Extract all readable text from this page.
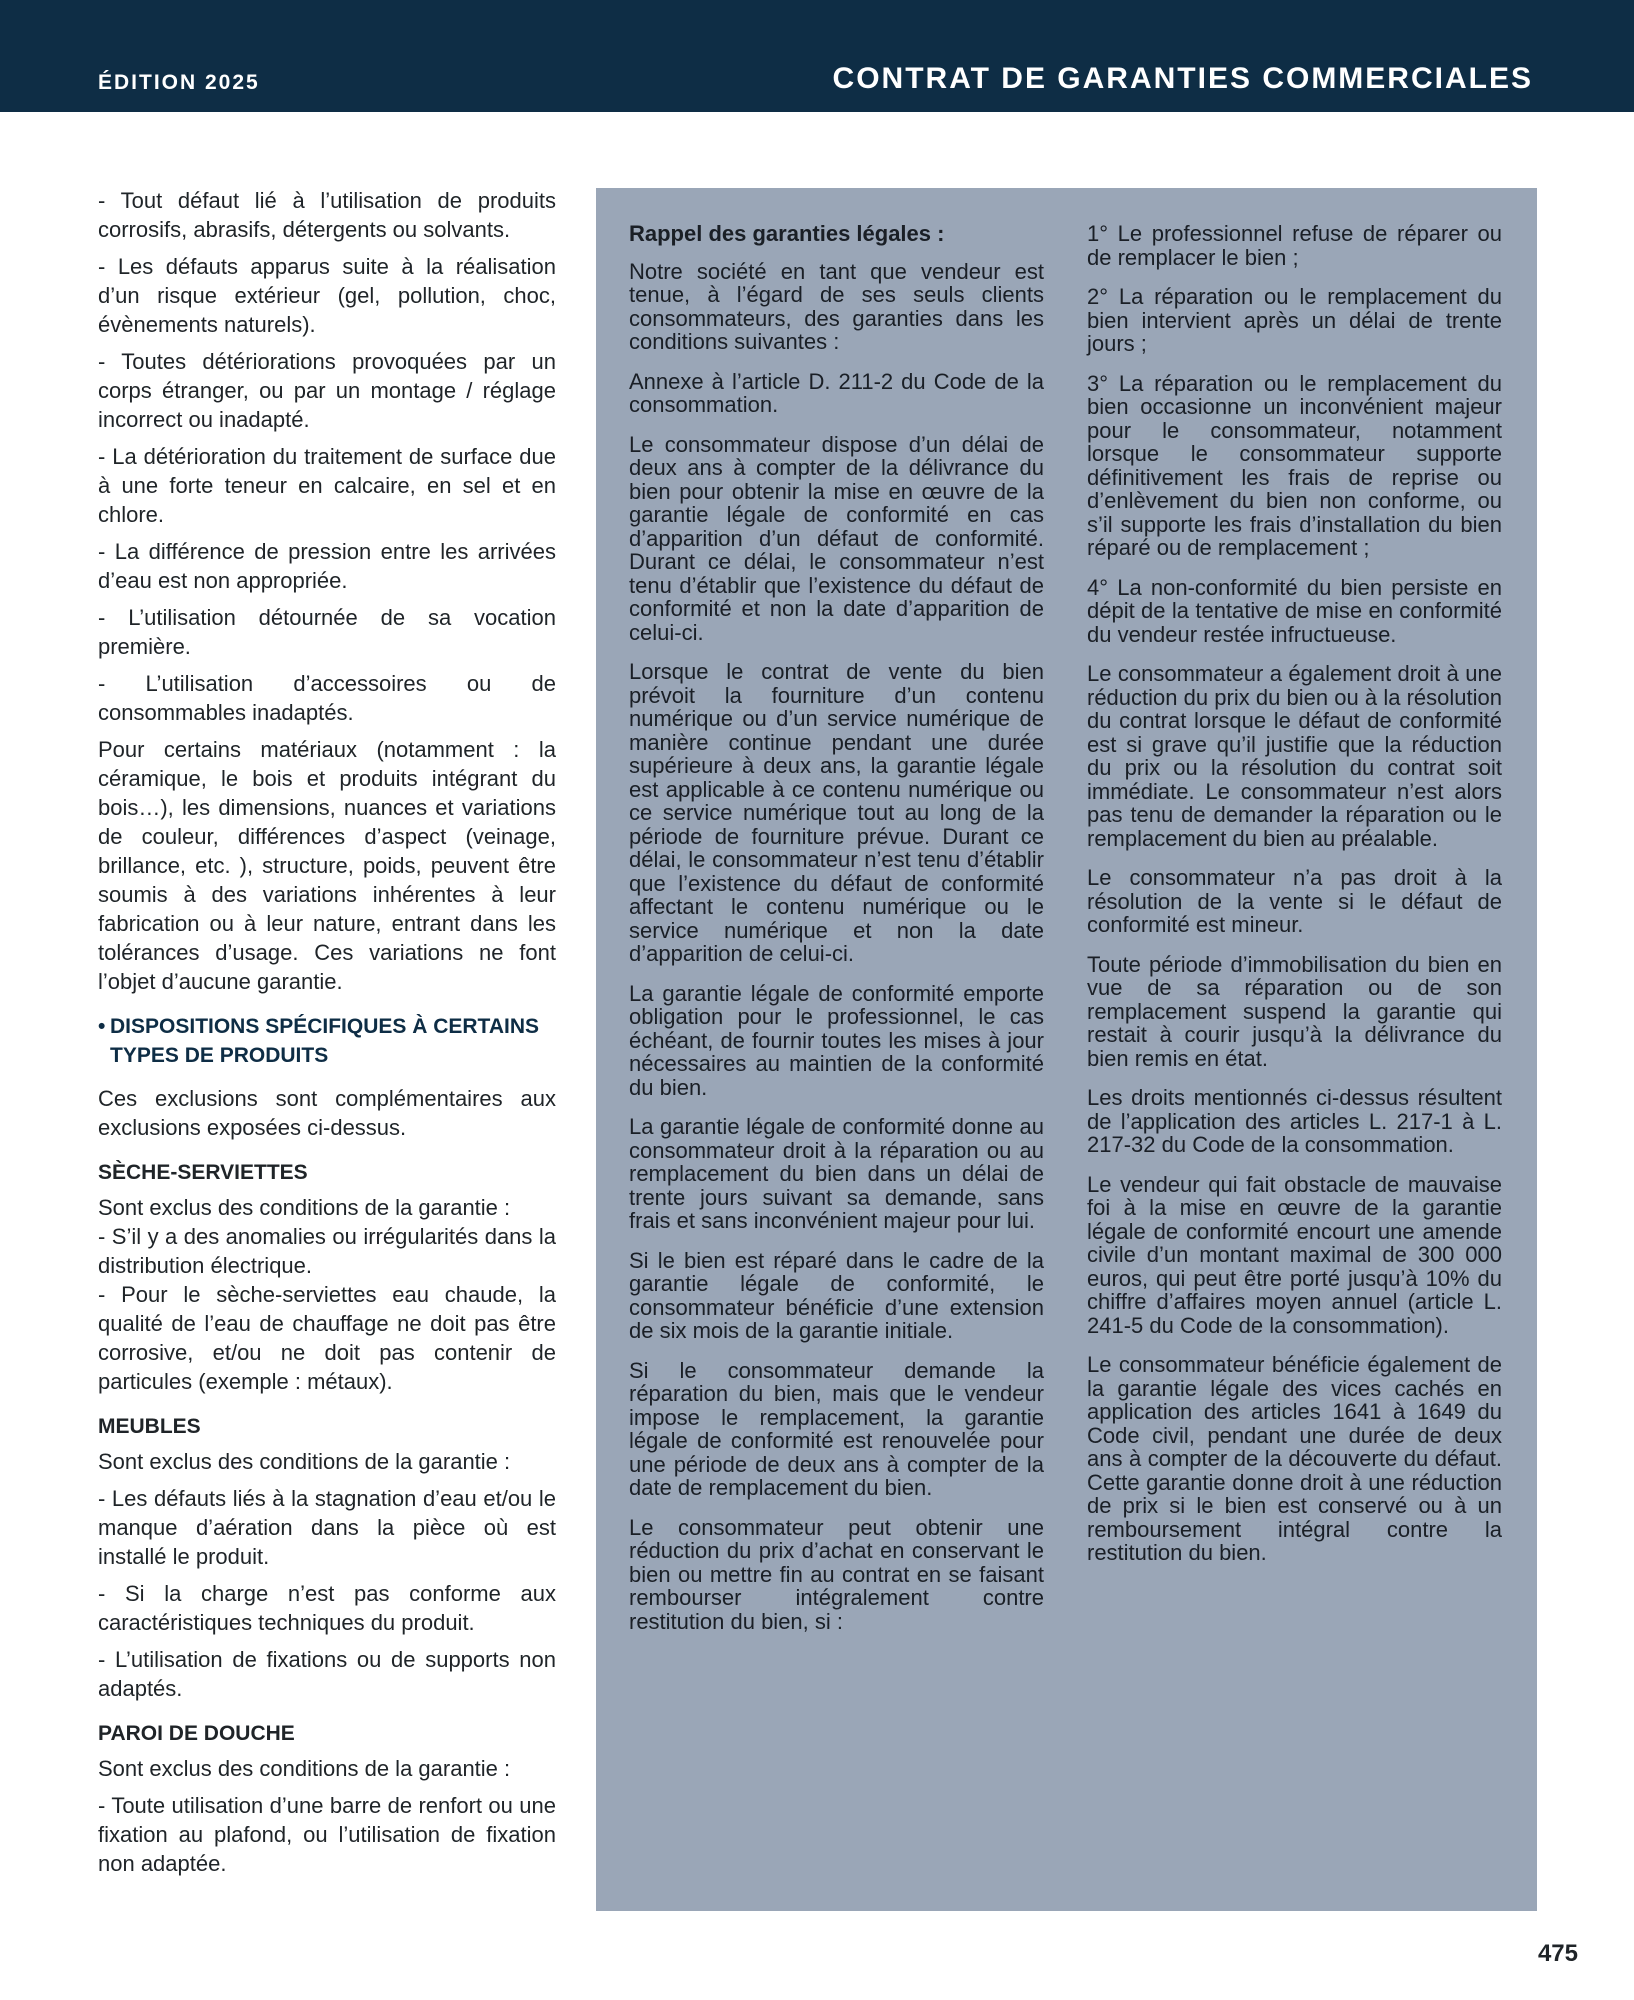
ÉDITION 2025	CONTRAT DE GARANTIES COMMERCIALES

- Tout défaut lié à l’utilisation de produits corrosifs, abrasifs, détergents ou solvants.

- Les défauts apparus suite à la réalisation d’un risque extérieur (gel, pollution, choc, évènements naturels).

- Toutes détériorations provoquées par un corps étranger, ou par un montage / réglage incorrect ou inadapté.

- La détérioration du traitement de surface due à une forte teneur en calcaire, en sel et en chlore.

- La différence de pression entre les arrivées d’eau est non appropriée.

- L’utilisation détournée de sa vocation première.

- L’utilisation d’accessoires ou de consommables inadaptés.

Pour certains matériaux (notamment : la céramique, le bois et produits intégrant du bois…), les dimensions, nuances et variations de couleur, différences d’aspect (veinage, brillance, etc. ), structure, poids, peuvent être soumis à des variations inhérentes à leur fabrication ou à leur nature, entrant dans les tolérances d’usage. Ces variations ne font l’objet d’aucune garantie.

• DISPOSITIONS SPÉCIFIQUES À CERTAINS TYPES DE PRODUITS

Ces exclusions sont complémentaires aux exclusions exposées ci-dessus.

SÈCHE-SERVIETTES

Sont exclus des conditions de la garantie :

- S’il y a des anomalies ou irrégularités dans la distribution électrique.

- Pour le sèche-serviettes eau chaude, la qualité de l’eau de chauffage ne doit pas être corrosive, et/ou ne doit pas contenir de particules (exemple : métaux).

MEUBLES

Sont exclus des conditions de la garantie :

- Les défauts liés à la stagnation d’eau et/ou le manque d’aération dans la pièce où est installé le produit.

- Si la charge n’est pas conforme aux caractéristiques techniques du produit.

- L’utilisation de fixations ou de supports non adaptés.

PAROI DE DOUCHE

Sont exclus des conditions de la garantie :

- Toute utilisation d’une barre de renfort ou une fixation au plafond, ou l’utilisation de fixation non adaptée.

Rappel des garanties légales :

Notre société en tant que vendeur est tenue, à l’égard de ses seuls clients consommateurs, des garanties dans les conditions suivantes :

Annexe à l’article D. 211-2 du Code de la consommation.

Le consommateur dispose d’un délai de deux ans à compter de la délivrance du bien pour obtenir la mise en œuvre de la garantie légale de conformité en cas d’apparition d’un défaut de conformité. Durant ce délai, le consommateur n’est tenu d’établir que l’existence du défaut de conformité et non la date d’apparition de celui-ci.

Lorsque le contrat de vente du bien prévoit la fourniture d’un contenu numérique ou d’un service numérique de manière continue pendant une durée supérieure à deux ans, la garantie légale est applicable à ce contenu numérique ou ce service numérique tout au long de la période de fourniture prévue. Durant ce délai, le consommateur n’est tenu d’établir que l’existence du défaut de conformité affectant le contenu numérique ou le service numérique et non la date d’apparition de celui-ci.

La garantie légale de conformité emporte obligation pour le professionnel, le cas échéant, de fournir toutes les mises à jour nécessaires au maintien de la conformité du bien.

La garantie légale de conformité donne au consommateur droit à la réparation ou au remplacement du bien dans un délai de trente jours suivant sa demande, sans frais et sans inconvénient majeur pour lui.

Si le bien est réparé dans le cadre de la garantie légale de conformité, le consommateur bénéficie d’une extension de six mois de la garantie initiale.

Si le consommateur demande la réparation du bien, mais que le vendeur impose le remplacement, la garantie légale de conformité est renouvelée pour une période de deux ans à compter de la date de remplacement du bien.

Le consommateur peut obtenir une réduction du prix d’achat en conservant le bien ou mettre fin au contrat en se faisant rembourser intégralement contre restitution du bien, si :

1° Le professionnel refuse de réparer ou de remplacer le bien ;

2° La réparation ou le remplacement du bien intervient après un délai de trente jours ;

3° La réparation ou le remplacement du bien occasionne un inconvénient majeur pour le consommateur, notamment lorsque le consommateur supporte définitivement les frais de reprise ou d’enlèvement du bien non conforme, ou s’il supporte les frais d’installation du bien réparé ou de remplacement ;

4° La non-conformité du bien persiste en dépit de la tentative de mise en conformité du vendeur restée infructueuse.

Le consommateur a également droit à une réduction du prix du bien ou à la résolution du contrat lorsque le défaut de conformité est si grave qu’il justifie que la réduction du prix ou la résolution du contrat soit immédiate. Le consommateur n’est alors pas tenu de demander la réparation ou le remplacement du bien au préalable.

Le consommateur n’a pas droit à la résolution de la vente si le défaut de conformité est mineur.

Toute période d’immobilisation du bien en vue de sa réparation ou de son remplacement suspend la garantie qui restait à courir jusqu’à la délivrance du bien remis en état.

Les droits mentionnés ci-dessus résultent de l’application des articles L. 217-1 à L. 217-32 du Code de la consommation.

Le vendeur qui fait obstacle de mauvaise foi à la mise en œuvre de la garantie légale de conformité encourt une amende civile d’un montant maximal de 300 000 euros, qui peut être porté jusqu’à 10% du chiffre d’affaires moyen annuel (article L. 241-5 du Code de la consommation).

Le consommateur bénéficie également de la garantie légale des vices cachés en application des articles 1641 à 1649 du Code civil, pendant une durée de deux ans à compter de la découverte du défaut. Cette garantie donne droit à une réduction de prix si le bien est conservé ou à un remboursement intégral contre la restitution du bien.

475
